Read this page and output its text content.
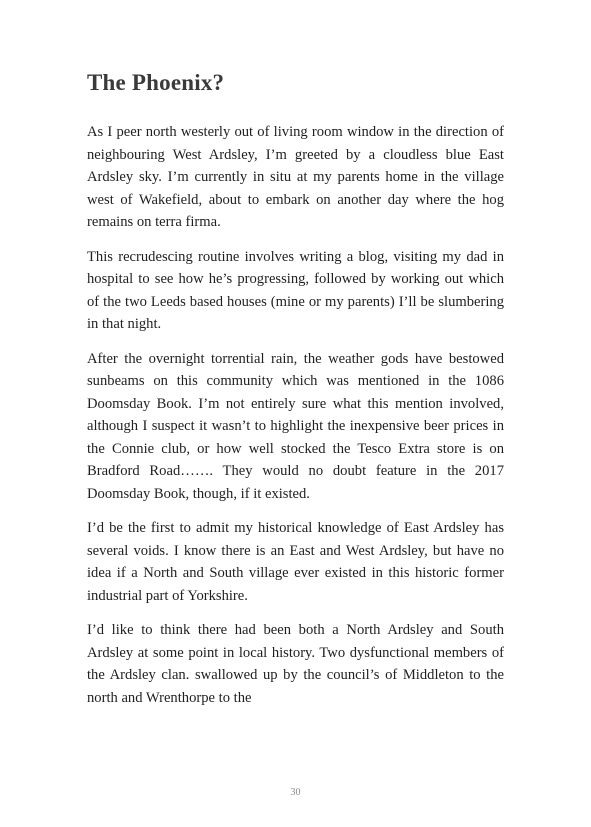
The Phoenix?

As I peer north westerly out of living room window in the direction of neighbouring West Ardsley, I’m greeted by a cloudless blue East Ardsley sky. I’m currently in situ at my parents home in the village west of Wakefield, about to embark on another day where the hog remains on terra firma.

This recrudescing routine involves writing a blog, visiting my dad in hospital to see how he’s progressing, followed by working out which of the two Leeds based houses (mine or my parents) I’ll be slumbering in that night.

After the overnight torrential rain, the weather gods have bestowed sunbeams on this community which was mentioned in the 1086 Doomsday Book. I’m not entirely sure what this mention involved, although I suspect it wasn’t to highlight the inexpensive beer prices in the Connie club, or how well stocked the Tesco Extra store is on Bradford Road……. They would no doubt feature in the 2017 Doomsday Book, though, if it existed.

I’d be the first to admit my historical knowledge of East Ardsley has several voids. I know there is an East and West Ardsley, but have no idea if a North and South village ever existed in this historic former industrial part of Yorkshire.

I’d like to think there had been both a North Ardsley and South Ardsley at some point in local history. Two dysfunctional members of the Ardsley clan. swallowed up by the council’s of Middleton to the north and Wrenthorpe to the

30
